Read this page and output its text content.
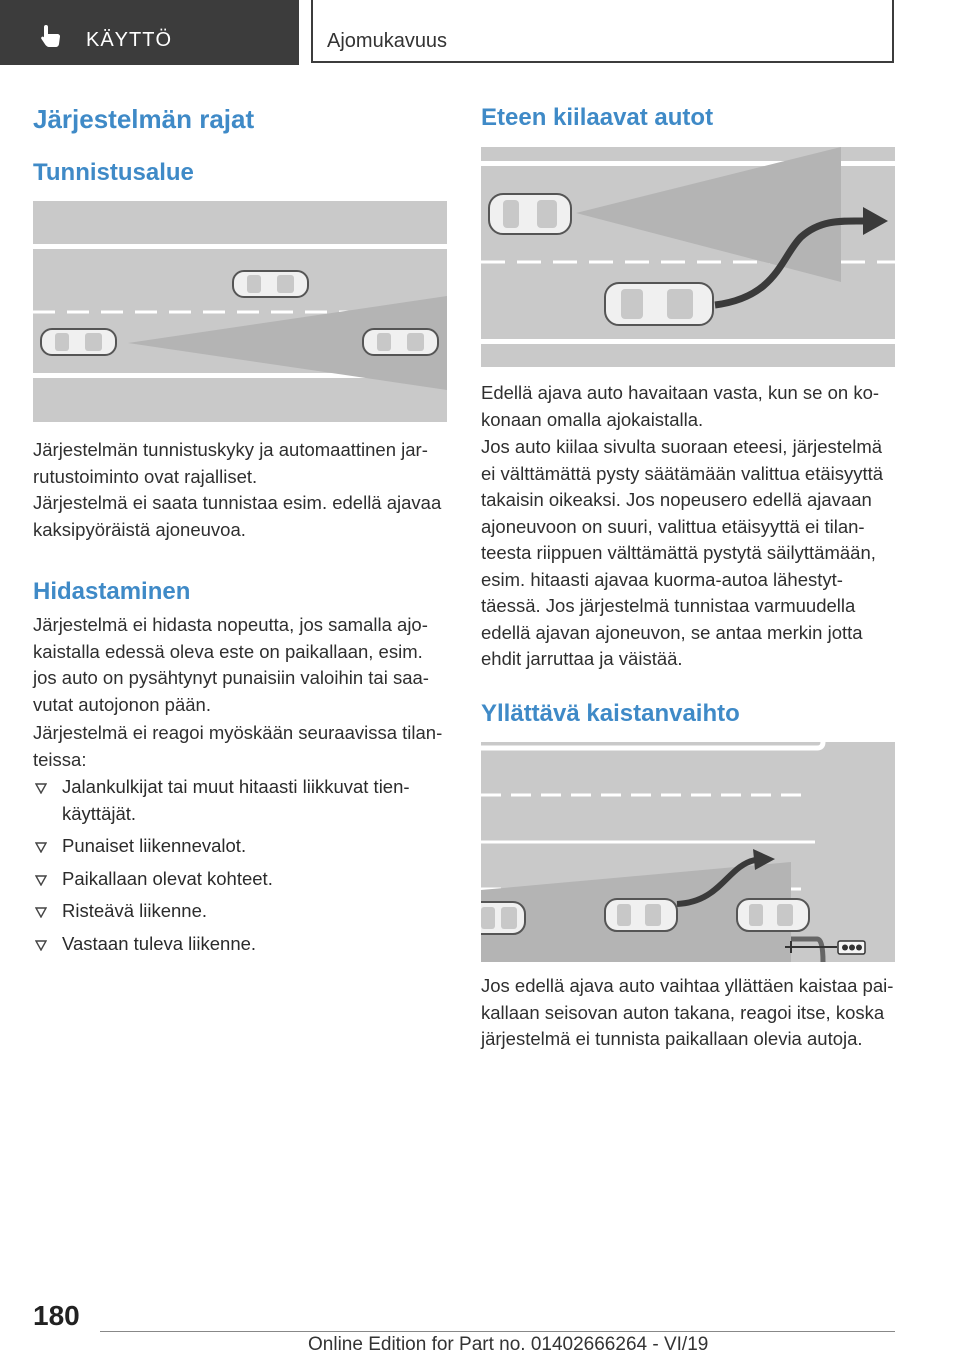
KÄYTTÖ	Ajomukavuus
Järjestelmän rajat
Tunnistusalue

Järjestelmän tunnistuskyky ja automaattinen jar-rutustoiminto ovat rajalliset.

Järjestelmä ei saata tunnistaa esim. edellä ajavaa kaksipyöräistä ajoneuvoa.

Hidastaminen

Järjestelmä ei hidasta nopeutta, jos samalla ajo-kaistalla edessä oleva este on paikallaan, esim. jos auto on pysähtynyt punaisiin valoihin tai saa-vutat autojonon pään.

Järjestelmä ei reagoi myöskään seuraavissa tilan-teissa:

Jalankulkijat tai muut hitaasti liikkuvat tien-käyttäjät.
Punaiset liikennevalot.
Paikallaan olevat kohteet.
Risteävä liikenne.
Vastaan tuleva liikenne.
Eteen kiilaavat autot

Edellä ajava auto havaitaan vasta, kun se on ko-konaan omalla ajokaistalla.

Jos auto kiilaa sivulta suoraan eteesi, järjestelmä ei välttämättä pysty säätämään valittua etäisyyttä takaisin oikeaksi. Jos nopeusero edellä ajavaan ajoneuvoon on suuri, valittua etäisyyttä ei tilan-teesta riippuen välttämättä pystytä säilyttämään, esim. hitaasti ajavaa kuorma-autoa lähestyt-täessä. Jos järjestelmä tunnistaa varmuudella edellä ajavan ajoneuvon, se antaa merkin jotta ehdit jarruttaa ja väistää.

Yllättävä kaistanvaihto

Jos edellä ajava auto vaihtaa yllättäen kaistaa pai-kallaan seisovan auton takana, reagoi itse, koska järjestelmä ei tunnista paikallaan olevia autoja.

180
Online Edition for Part no. 01402666264 - VI/19
